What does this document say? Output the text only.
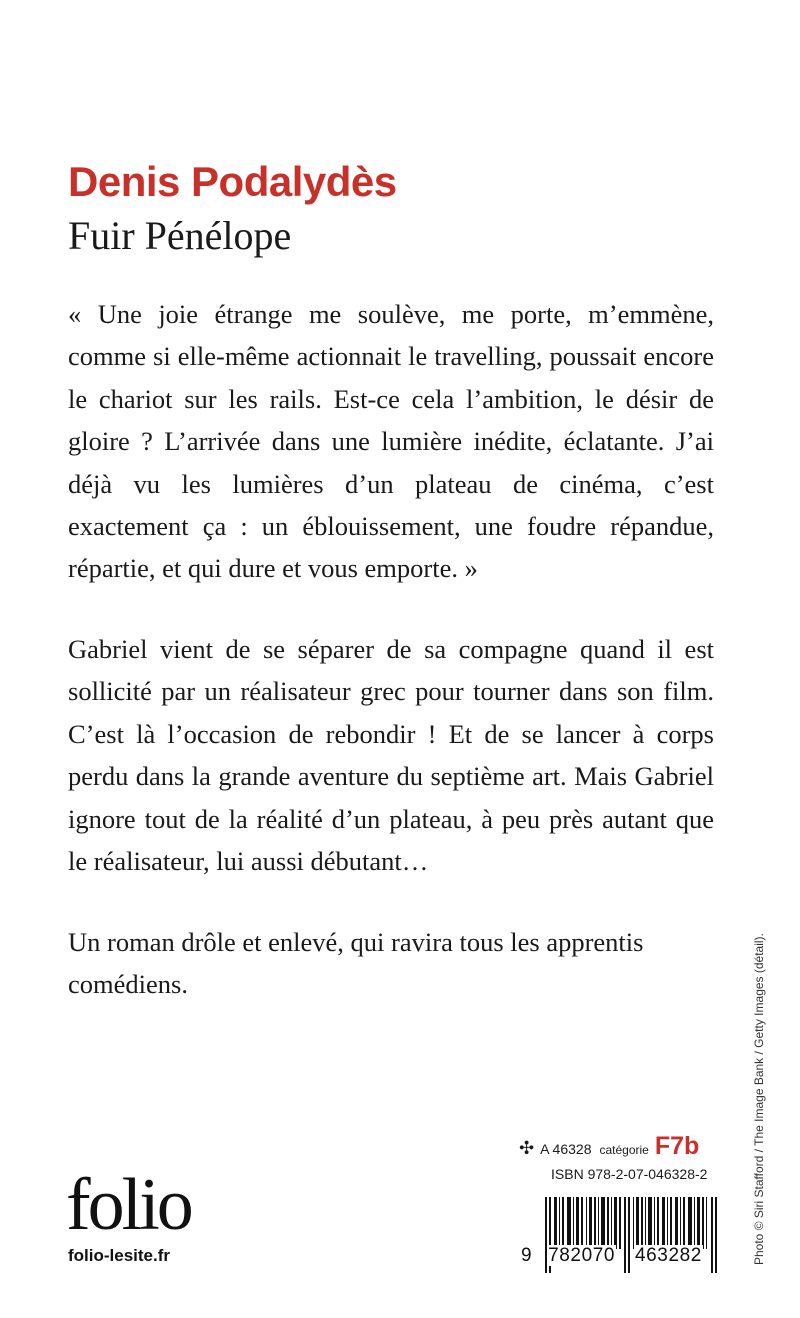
Denis Podalydès
Fuir Pénélope
« Une joie étrange me soulève, me porte, m’emmène, comme si elle-même actionnait le travelling, poussait encore le chariot sur les rails. Est-ce cela l’ambition, le désir de gloire ? L’arrivée dans une lumière inédite, éclatante. J’ai déjà vu les lumières d’un plateau de cinéma, c’est exactement ça : un éblouissement, une foudre répandue, répartie, et qui dure et vous emporte. »
Gabriel vient de se séparer de sa compagne quand il est sollicité par un réalisateur grec pour tourner dans son film. C’est là l’occasion de rebondir ! Et de se lancer à corps perdu dans la grande aventure du septième art. Mais Gabriel ignore tout de la réalité d’un plateau, à peu près autant que le réalisateur, lui aussi débutant…
Un roman drôle et enlevé, qui ravira tous les apprentis comédiens.	Photo © Siri Stafford / The Image Bank / Getty Images (détail).
✣ A 46328 catégorie F7b
ISBN 978-2-07-046328-2
9 782070 463282
folio
folio-lesite.fr
